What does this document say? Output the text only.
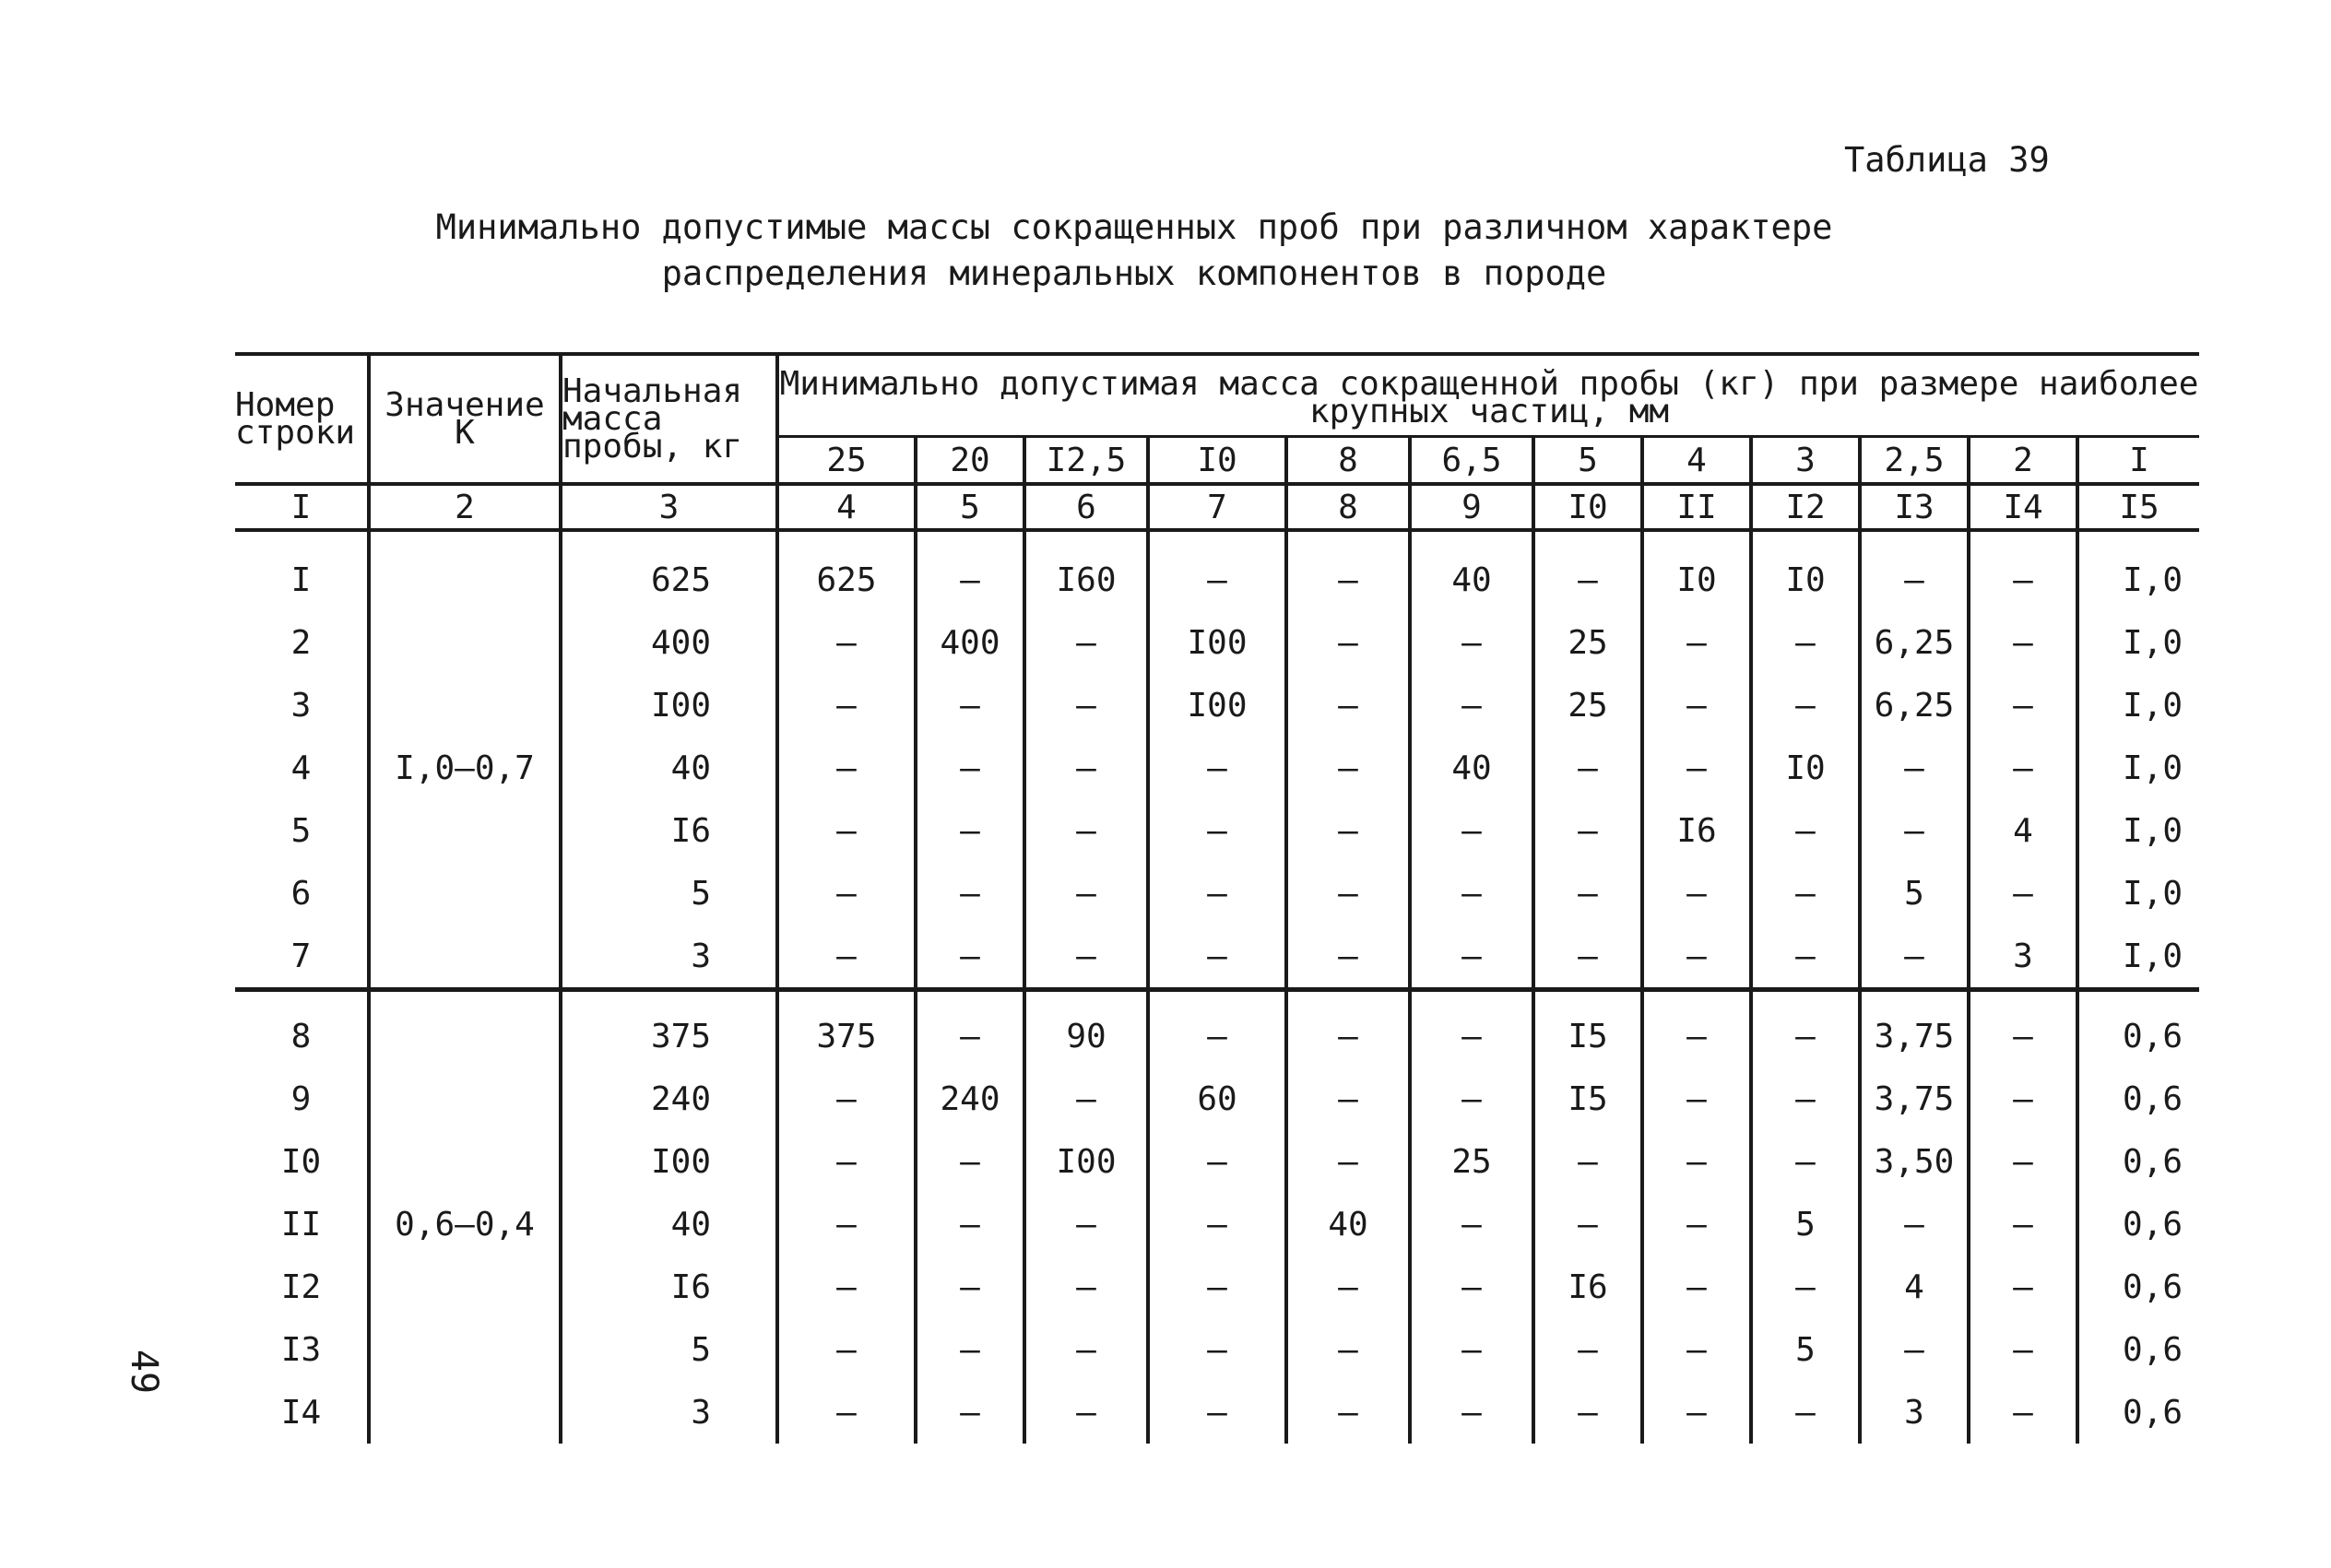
Таблица 39
Минимально допустимые массы сокращенных проб при различном характере
распределения минеральных компонентов в породе
49
Номер строки	Значение К	Начальная масса пробы, кг	Минимально допустимая масса сокращенной пробы (кг) при размере наиболее крупных частиц, мм											
			25	20	I2,5	I0	8	6,5	5	4	3	2,5	2	I
I	2	3	4	5	6	7	8	9	I0	II	I2	I3	I4	I5
I	I,0–0,7	625	625	–	I60	–	–	40	–	I0	I0	–	–	I,0
2		400	–	400	–	I00	–	–	25	–	–	6,25	–	I,0
3		I00	–	–	–	I00	–	–	25	–	–	6,25	–	I,0
4		40	–	–	–	–	–	40	–	–	I0	–	–	I,0
5		I6	–	–	–	–	–	–	–	I6	–	–	4	I,0
6		5	–	–	–	–	–	–	–	–	–	5	–	I,0
7		3	–	–	–	–	–	–	–	–	–	–	3	I,0
8	0,6–0,4	375	375	–	90	–	–	–	I5	–	–	3,75	–	0,6
9		240	–	240	–	60	–	–	I5	–	–	3,75	–	0,6
I0		I00	–	–	I00	–	–	25	–	–	–	3,50	–	0,6
II		40	–	–	–	–	40	–	–	–	5	–	–	0,6
I2		I6	–	–	–	–	–	–	I6	–	–	4	–	0,6
I3		5	–	–	–	–	–	–	–	–	5	–	–	0,6
I4		3	–	–	–	–	–	–	–	–	–	3	–	0,6
